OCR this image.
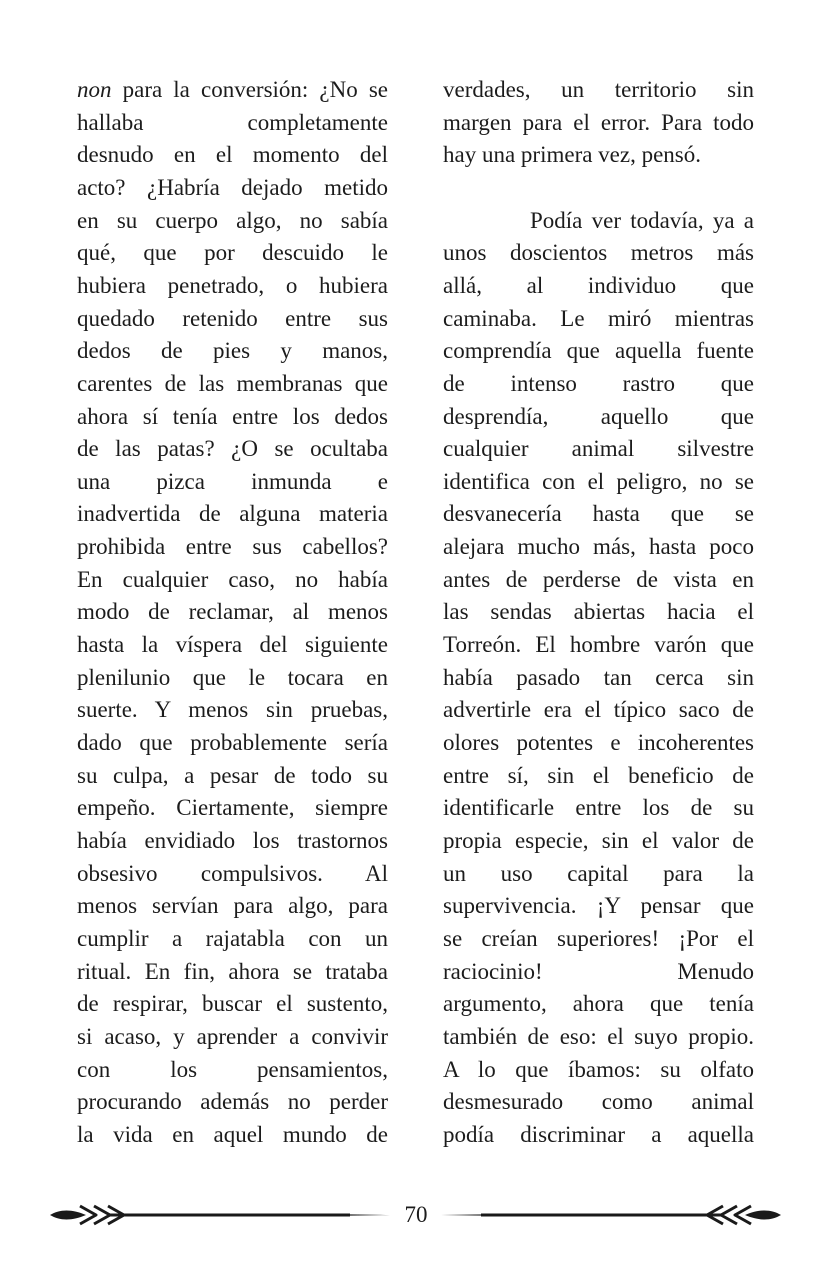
non para la conversión: ¿No se
hallaba completamente
desnudo en el momento del
acto? ¿Habría dejado metido
en su cuerpo algo, no sabía
qué, que por descuido le
hubiera penetrado, o hubiera
quedado retenido entre sus
dedos de pies y manos,
carentes de las membranas que
ahora sí tenía entre los dedos
de las patas? ¿O se ocultaba
una pizca inmunda e
inadvertida de alguna materia
prohibida entre sus cabellos?
En cualquier caso, no había
modo de reclamar, al menos
hasta la víspera del siguiente
plenilunio que le tocara en
suerte. Y menos sin pruebas,
dado que probablemente sería
su culpa, a pesar de todo su
empeño. Ciertamente, siempre
había envidiado los trastornos
obsesivo compulsivos. Al
menos servían para algo, para
cumplir a rajatabla con un
ritual. En fin, ahora se trataba
de respirar, buscar el sustento,
si acaso, y aprender a convivir
con los pensamientos,
procurando además no perder
la vida en aquel mundo de
verdades, un territorio sin
margen para el error. Para todo
hay una primera vez, pensó.
Podía ver todavía, ya a
unos doscientos metros más
allá, al individuo que
caminaba. Le miró mientras
comprendía que aquella fuente
de intenso rastro que
desprendía, aquello que
cualquier animal silvestre
identifica con el peligro, no se
desvanecería hasta que se
alejara mucho más, hasta poco
antes de perderse de vista en
las sendas abiertas hacia el
Torreón. El hombre varón que
había pasado tan cerca sin
advertirle era el típico saco de
olores potentes e incoherentes
entre sí, sin el beneficio de
identificarle entre los de su
propia especie, sin el valor de
un uso capital para la
supervivencia. ¡Y pensar que
se creían superiores! ¡Por el
raciocinio! Menudo
argumento, ahora que tenía
también de eso: el suyo propio.
A lo que íbamos: su olfato
desmesurado como animal
podía discriminar a aquella
70
